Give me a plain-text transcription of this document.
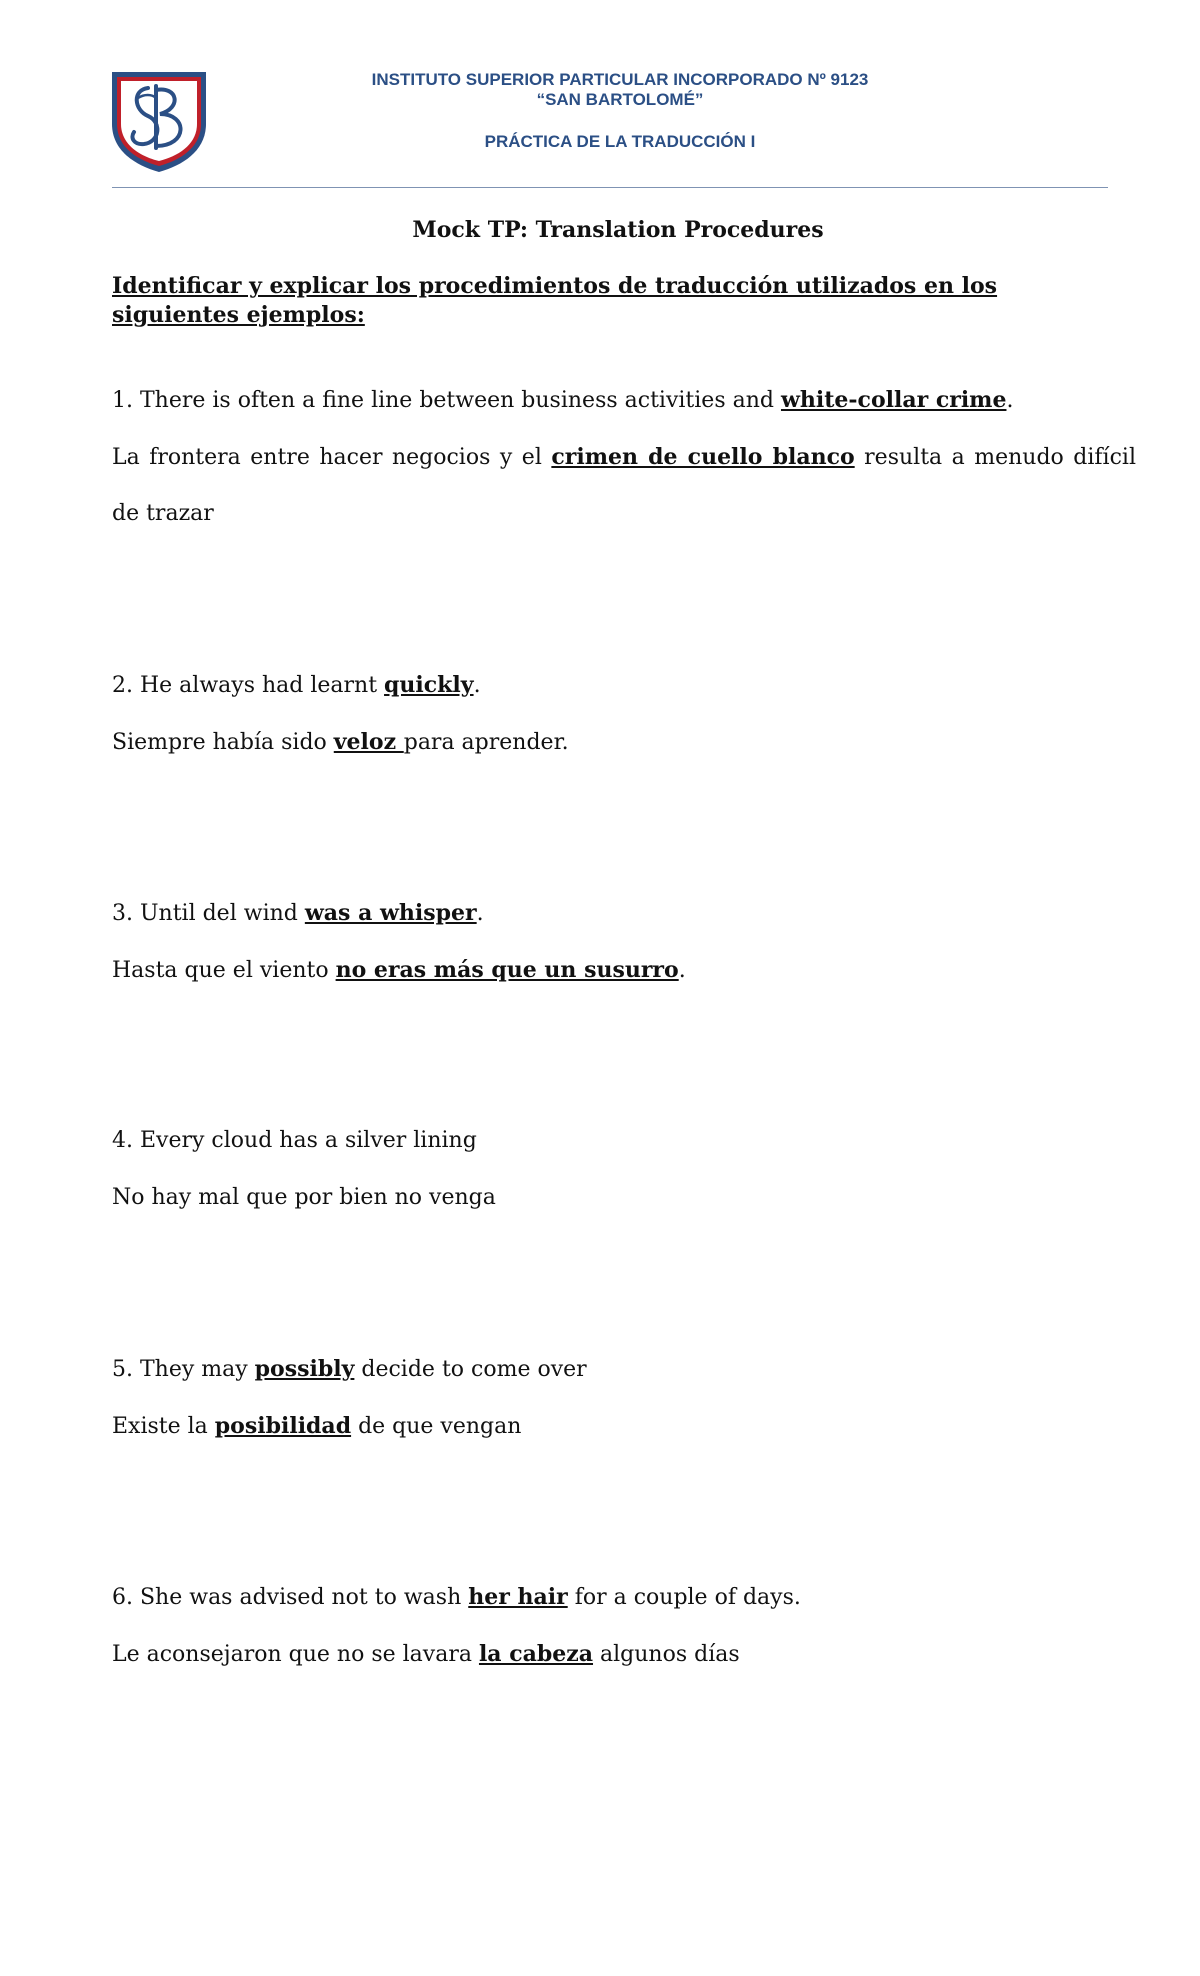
INSTITUTO SUPERIOR PARTICULAR INCORPORADO Nº 9123
“SAN BARTOLOMÉ”
PRÁCTICA DE LA TRADUCCIÓN I
Mock TP: Translation Procedures
Identificar y explicar los procedimientos de traducción utilizados en los siguientes ejemplos:
1. There is often a fine line between business activities and white-collar crime.
La frontera entre hacer negocios y el crimen de cuello blanco resulta a menudo difícil
de trazar
2. He always had learnt quickly.
Siempre había sido veloz para aprender.
3. Until del wind was a whisper.
Hasta que el viento no eras más que un susurro.
4. Every cloud has a silver lining
No hay mal que por bien no venga
5. They may possibly decide to come over
Existe la posibilidad de que vengan
6. She was advised not to wash her hair for a couple of days.
Le aconsejaron que no se lavara la cabeza algunos días
